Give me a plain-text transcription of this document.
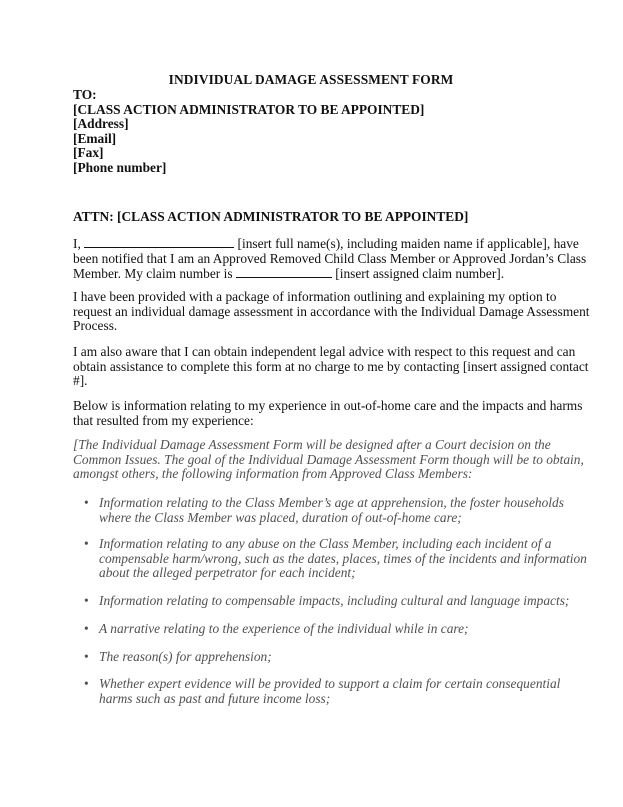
INDIVIDUAL DAMAGE ASSESSMENT FORM
TO:
[CLASS ACTION ADMINISTRATOR TO BE APPOINTED]
[Address]
[Email]
[Fax]
[Phone number]
ATTN: [CLASS ACTION ADMINISTRATOR TO BE APPOINTED]
I,	[insert full name(s), including maiden name if applicable], have
been notified that I am an Approved Removed Child Class Member or Approved Jordan’s Class
Member. My claim number is	[insert assigned claim number].
I have been provided with a package of information outlining and explaining my option to
request an individual damage assessment in accordance with the Individual Damage Assessment
Process.
I am also aware that I can obtain independent legal advice with respect to this request and can
obtain assistance to complete this form at no charge to me by contacting [insert assigned contact
#].
Below is information relating to my experience in out-of-home care and the impacts and harms
that resulted from my experience:
[The Individual Damage Assessment Form will be designed after a Court decision on the
Common Issues. The goal of the Individual Damage Assessment Form though will be to obtain,
amongst others, the following information from Approved Class Members:
• Information relating to the Class Member’s age at apprehension, the foster households
where the Class Member was placed, duration of out-of-home care;
• Information relating to any abuse on the Class Member, including each incident of a
compensable harm/wrong, such as the dates, places, times of the incidents and information
about the alleged perpetrator for each incident;
• Information relating to compensable impacts, including cultural and language impacts;
• A narrative relating to the experience of the individual while in care;
• The reason(s) for apprehension;
• Whether expert evidence will be provided to support a claim for certain consequential
harms such as past and future income loss;
